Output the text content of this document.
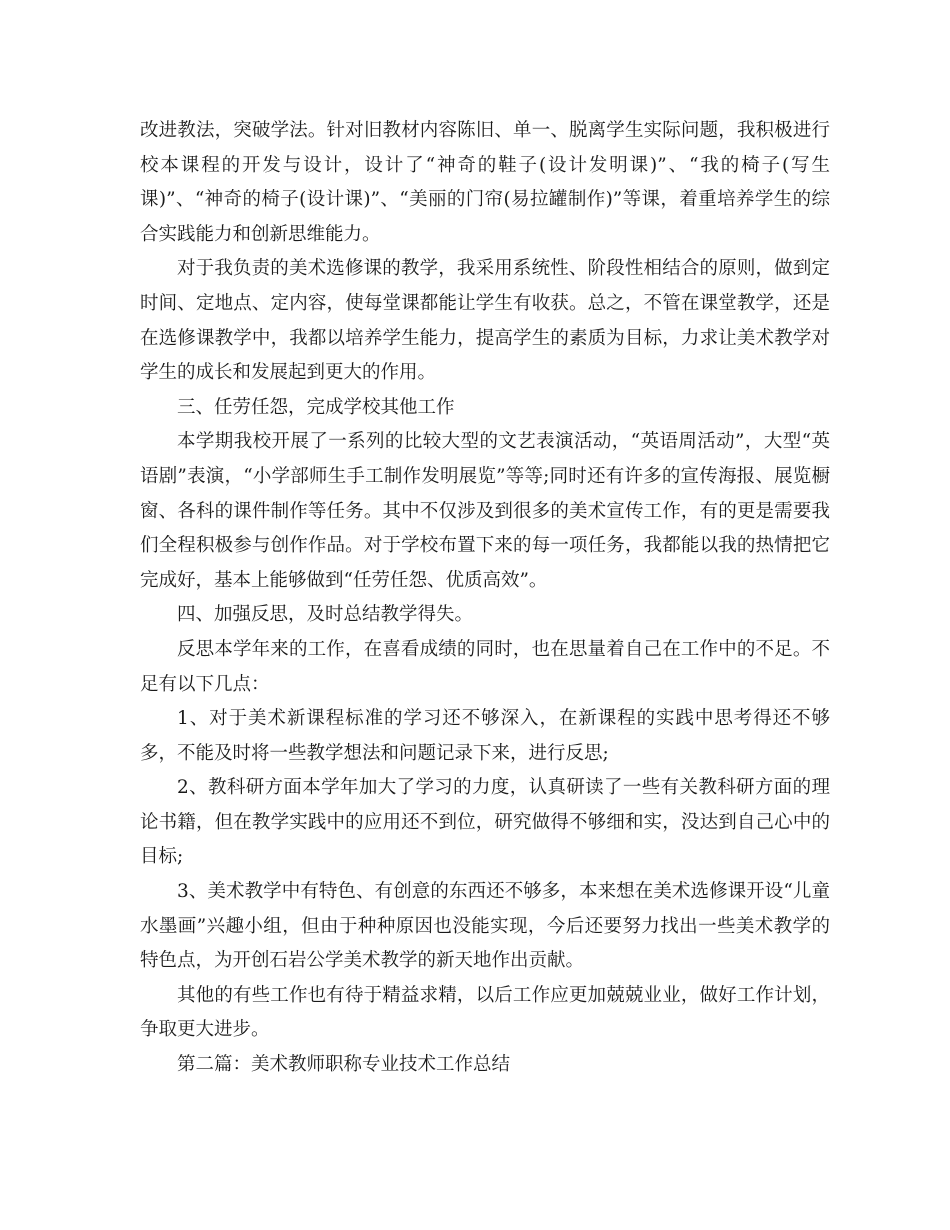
改进教法，突破学法。针对旧教材内容陈旧、单一、脱离学生实际问题，我积极进行校本课程的开发与设计，设计了“神奇的鞋子(设计发明课)”、“我的椅子(写生课)”、“神奇的椅子(设计课)”、“美丽的门帘(易拉罐制作)”等课，着重培养学生的综合实践能力和创新思维能力。

对于我负责的美术选修课的教学，我采用系统性、阶段性相结合的原则，做到定时间、定地点、定内容，使每堂课都能让学生有收获。总之，不管在课堂教学，还是在选修课教学中，我都以培养学生能力，提高学生的素质为目标，力求让美术教学对学生的成长和发展起到更大的作用。

三、任劳任怨，完成学校其他工作

本学期我校开展了一系列的比较大型的文艺表演活动，“英语周活动”，大型“英语剧”表演，“小学部师生手工制作发明展览”等等;同时还有许多的宣传海报、展览橱窗、各科的课件制作等任务。其中不仅涉及到很多的美术宣传工作，有的更是需要我们全程积极参与创作作品。对于学校布置下来的每一项任务，我都能以我的热情把它完成好，基本上能够做到“任劳任怨、优质高效”。

四、加强反思，及时总结教学得失。

反思本学年来的工作，在喜看成绩的同时，也在思量着自己在工作中的不足。不足有以下几点：

1、对于美术新课程标准的学习还不够深入，在新课程的实践中思考得还不够多，不能及时将一些教学想法和问题记录下来，进行反思;

2、教科研方面本学年加大了学习的力度，认真研读了一些有关教科研方面的理论书籍，但在教学实践中的应用还不到位，研究做得不够细和实，没达到自己心中的目标;

3、美术教学中有特色、有创意的东西还不够多，本来想在美术选修课开设“儿童水墨画”兴趣小组，但由于种种原因也没能实现，今后还要努力找出一些美术教学的特色点，为开创石岩公学美术教学的新天地作出贡献。

其他的有些工作也有待于精益求精，以后工作应更加兢兢业业，做好工作计划，争取更大进步。

第二篇：美术教师职称专业技术工作总结
